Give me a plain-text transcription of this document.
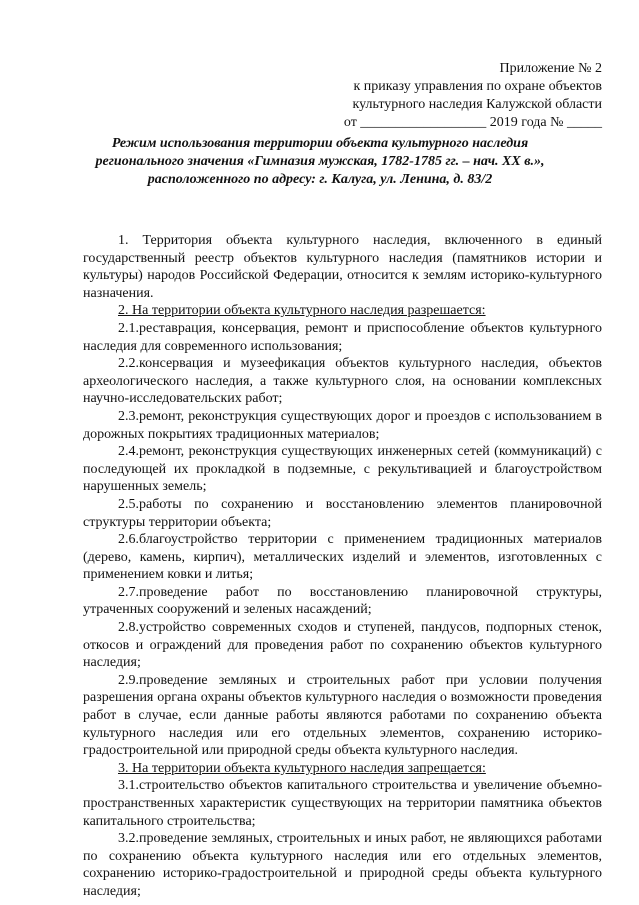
Приложение № 2
к приказу управления по охране объектов
культурного наследия Калужской области
от __________________ 2019 года № _____
Режим использования территории объекта культурного наследия регионального значения «Гимназия мужская, 1782-1785 гг. – нач. XX в.», расположенного по адресу: г. Калуга, ул. Ленина, д. 83/2

1. Территория объекта культурного наследия, включенного в единый государственный реестр объектов культурного наследия (памятников истории и культуры) народов Российской Федерации, относится к землям историко-культурного назначения.

2. На территории объекта культурного наследия разрешается:

2.1.реставрация, консервация, ремонт и приспособление объектов культурного наследия для современного использования;

2.2.консервация и музеефикация объектов культурного наследия, объектов археологического наследия, а также культурного слоя, на основании комплексных научно-исследовательских работ;

2.3.ремонт, реконструкция существующих дорог и проездов с использованием в дорожных покрытиях традиционных материалов;

2.4.ремонт, реконструкция существующих инженерных сетей (коммуникаций) с последующей их прокладкой в подземные, с рекультивацией и благоустройством нарушенных земель;

2.5.работы по сохранению и восстановлению элементов планировочной структуры территории объекта;

2.6.благоустройство территории с применением традиционных материалов (дерево, камень, кирпич), металлических изделий и элементов, изготовленных с применением ковки и литья;

2.7.проведение работ по восстановлению планировочной структуры, утраченных сооружений и зеленых насаждений;

2.8.устройство современных сходов и ступеней, пандусов, подпорных стенок, откосов и ограждений для проведения работ по сохранению объектов культурного наследия;

2.9.проведение земляных и строительных работ при условии получения разрешения органа охраны объектов культурного наследия о возможности проведения работ в случае, если данные работы являются работами по сохранению объекта культурного наследия или его отдельных элементов, сохранению историко-градостроительной или природной среды объекта культурного наследия.

3. На территории объекта культурного наследия запрещается:

3.1.строительство объектов капитального строительства и увеличение объемно-пространственных характеристик существующих на территории памятника объектов капитального строительства;

3.2.проведение земляных, строительных и иных работ, не являющихся работами по сохранению объекта культурного наследия или его отдельных элементов, сохранению историко-градостроительной и природной среды объекта культурного наследия;
